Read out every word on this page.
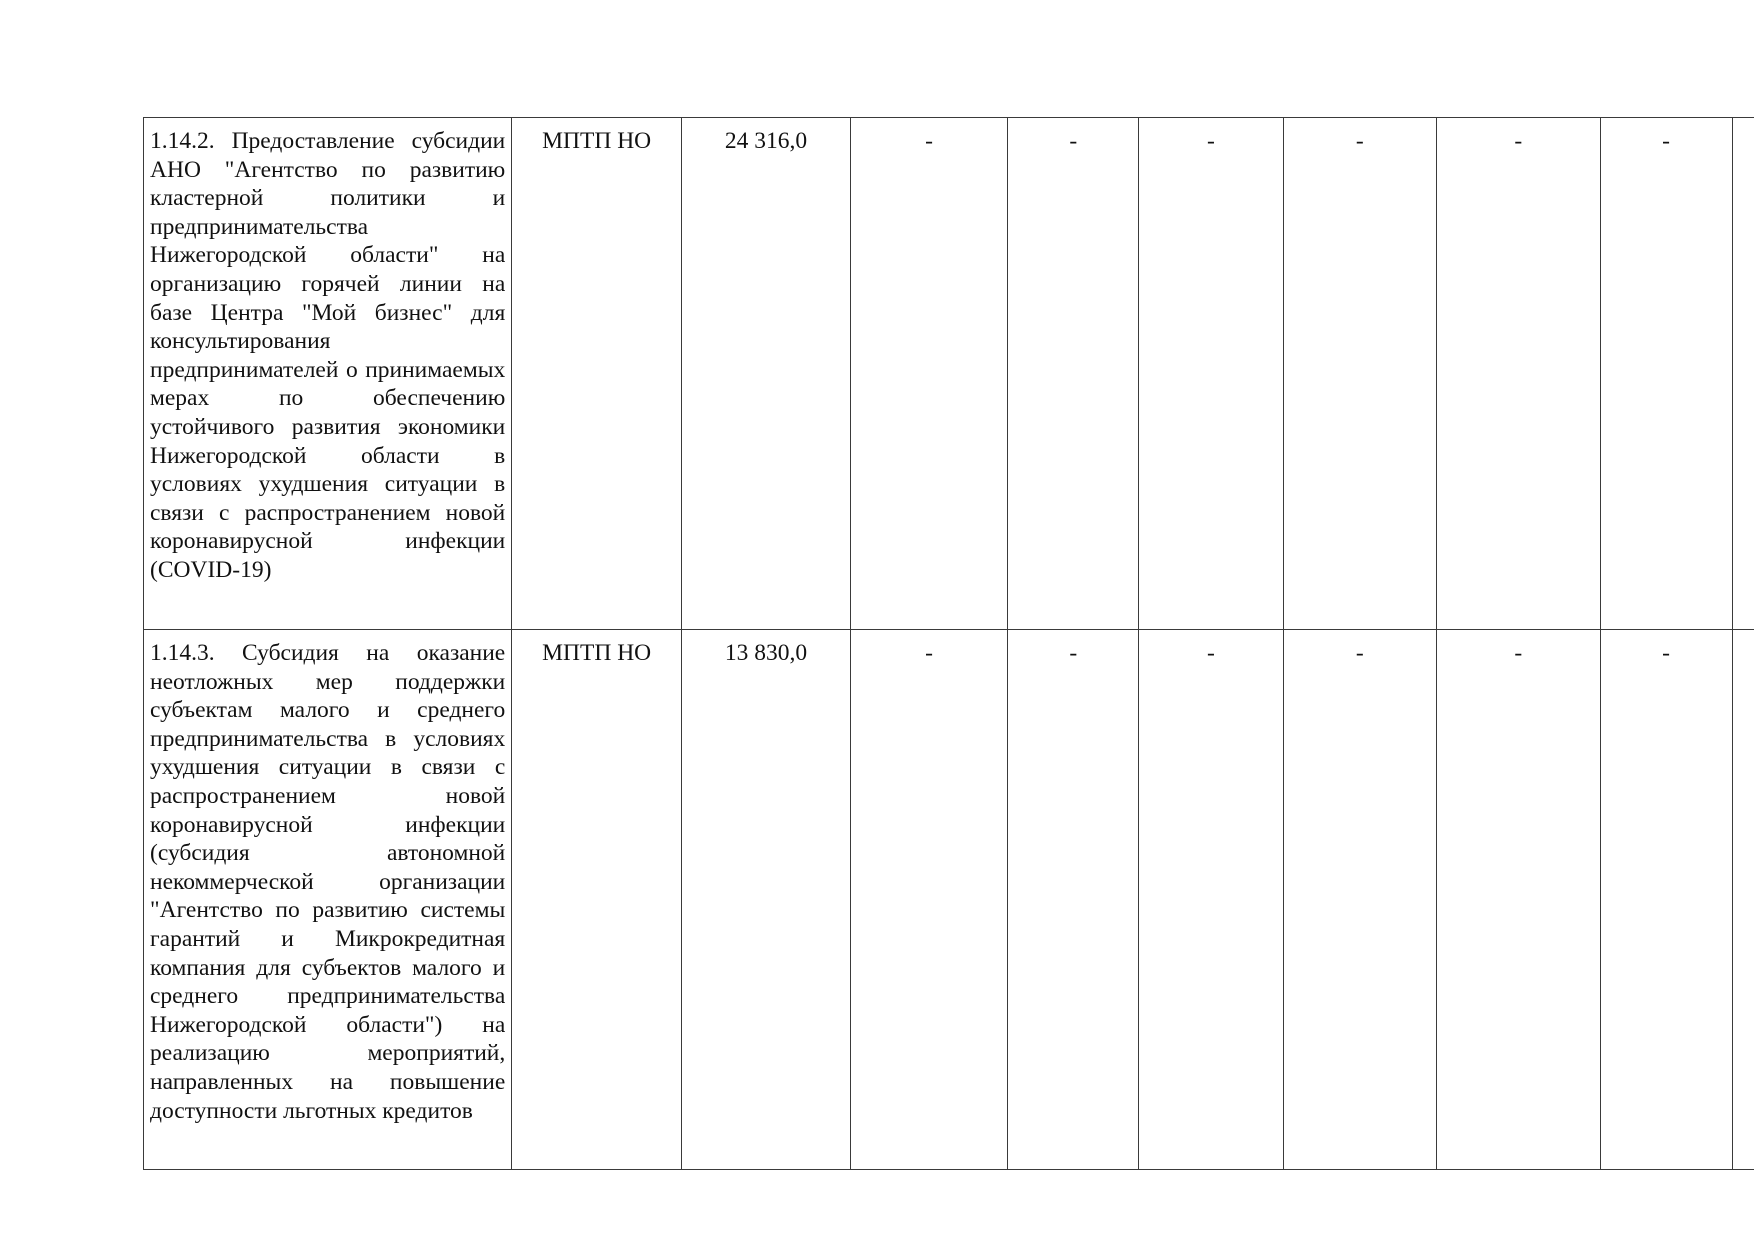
1.14.2. Предоставление субсидии АНО "Агентство по развитию кластерной политики и предпринимательства Нижегородской области" на организацию горячей линии на базе Центра "Мой бизнес" для консультирования предпринимателей о принимаемых мерах по обеспечению устойчивого развития экономики Нижегородской области в условиях ухудшения ситуации в связи с распространением новой коронавирусной инфекции (COVID-19)	МПТП НО	24 316,0	-	-	-	-	-	-	
1.14.3. Субсидия на оказание неотложных мер поддержки субъектам малого и среднего предпринимательства в условиях ухудшения ситуации в связи с распространением новой коронавирусной инфекции (субсидия автономной некоммерческой организации "Агентство по развитию системы гарантий и Микрокредитная компания для субъектов малого и среднего предпринимательства Нижегородской области") на реализацию мероприятий, направленных на повышение доступности льготных кредитов	МПТП НО	13 830,0	-	-	-	-	-	-	
